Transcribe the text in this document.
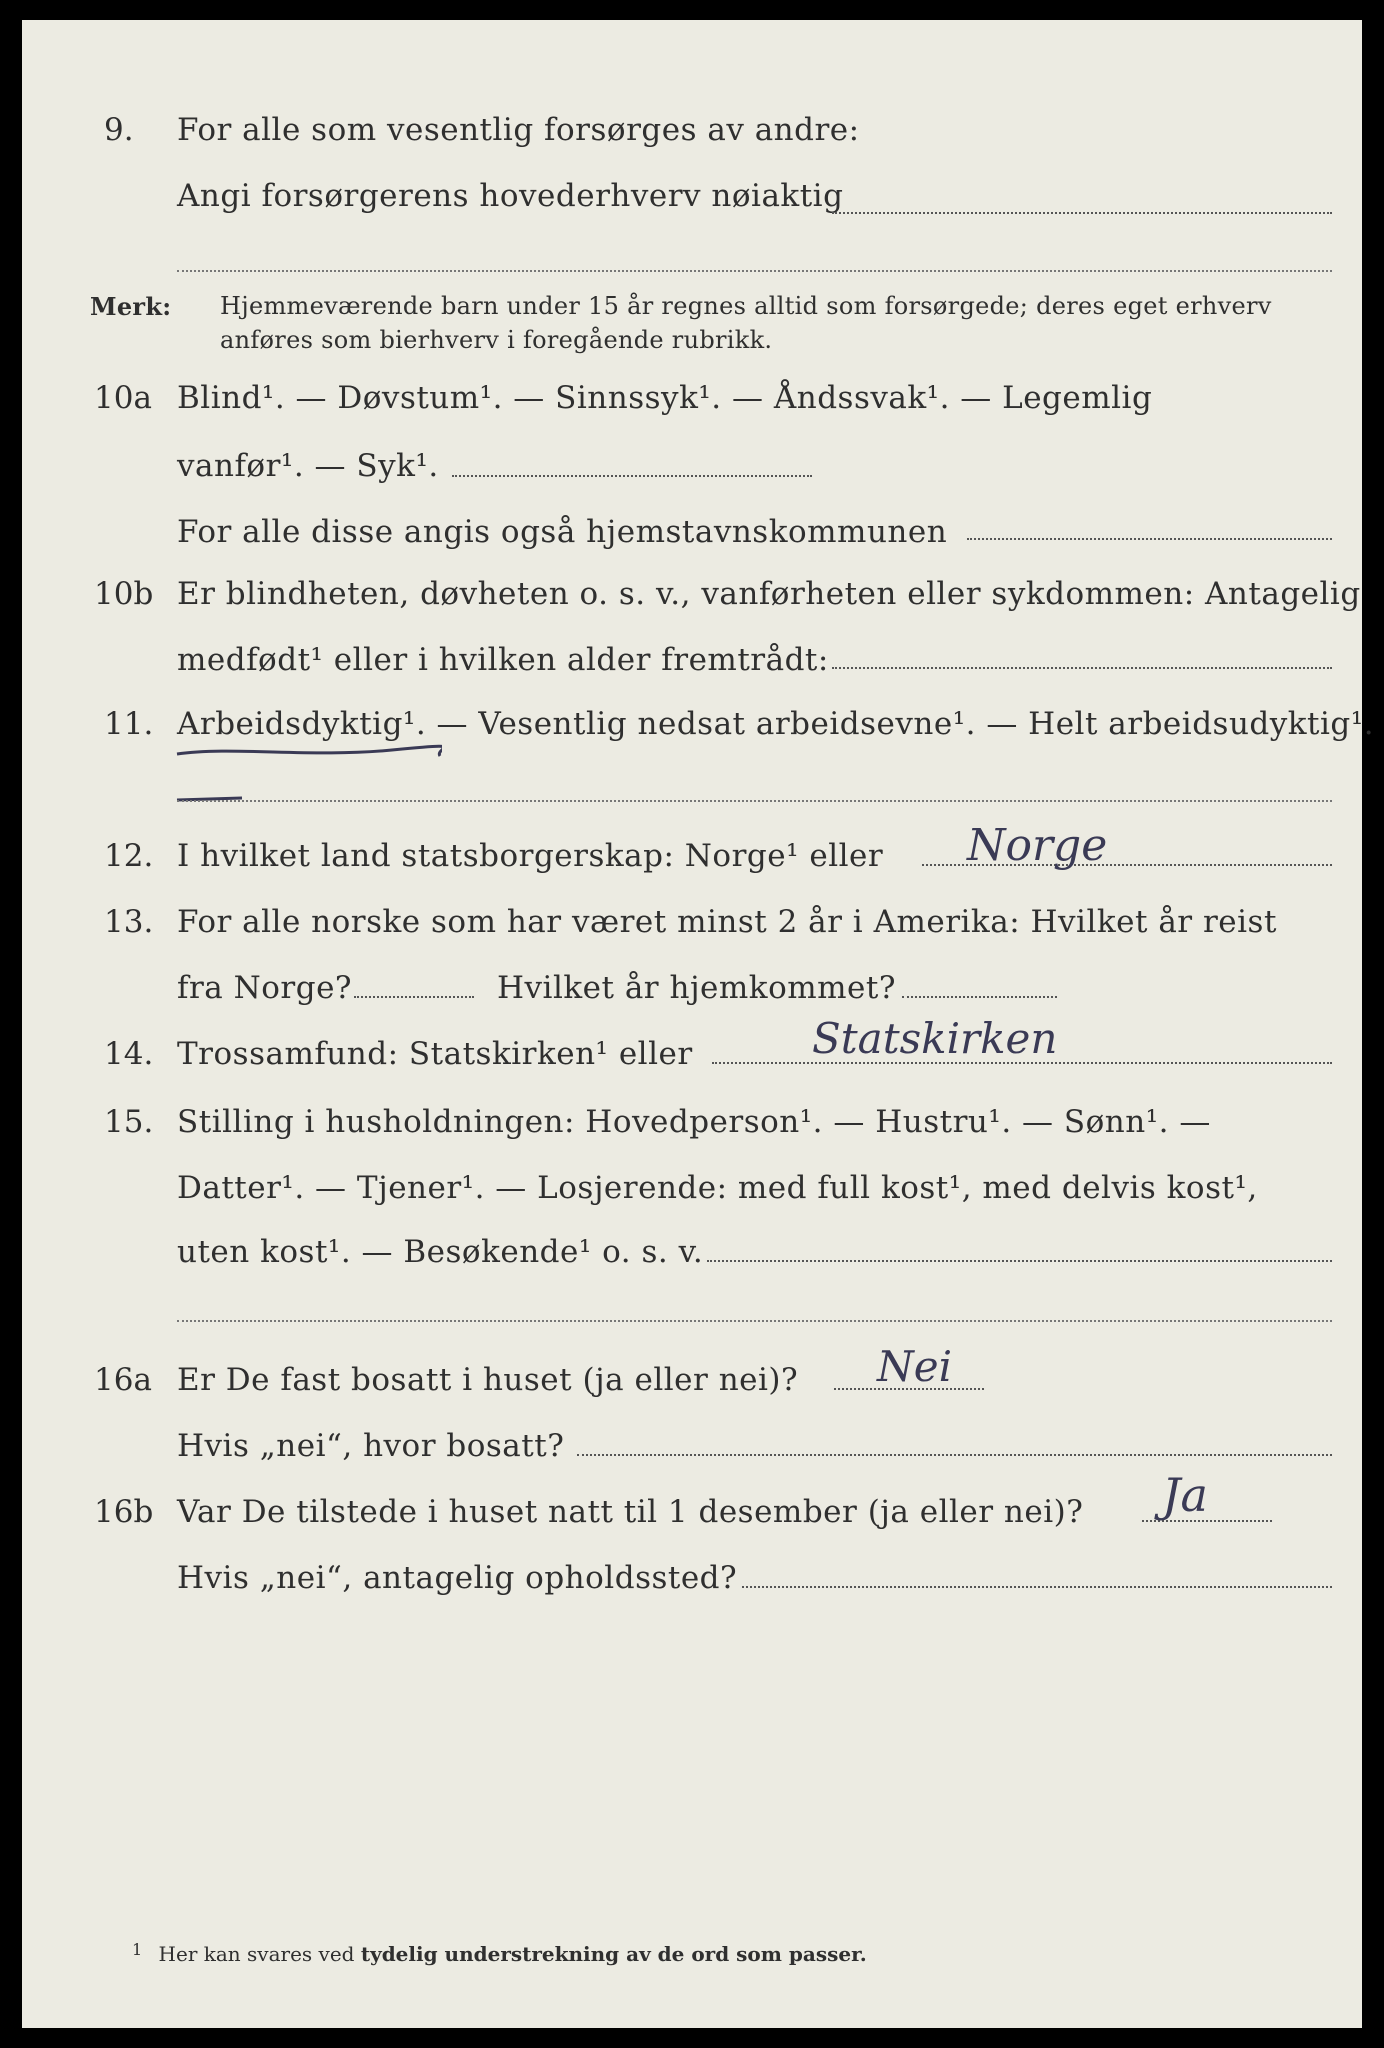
9. For alle som vesentlig forsørges av andre:
Angi forsørgerens hovederhverv nøiaktig
Merk: Hjemmeværende barn under 15 år regnes alltid som forsørgede; deres eget erhverv
anføres som bierhverv i foregående rubrikk.
10a Blind¹. — Døvstum¹. — Sinnssyk¹. — Åndssvak¹. — Legemlig
vanfør¹. — Syk¹.
For alle disse angis også hjemstavnskommunen
10b Er blindheten, døvheten o. s. v., vanførheten eller sykdommen: Antagelig
medfødt¹ eller i hvilken alder fremtrådt:
11. Arbeidsdyktig¹. — Vesentlig nedsat arbeidsevne¹. — Helt arbeidsudyktig¹.
12. I hvilket land statsborgerskap: Norge¹ eller Norge
13. For alle norske som har været minst 2 år i Amerika: Hvilket år reist
fra Norge?	Hvilket år hjemkommet?
14. Trossamfund: Statskirken¹ eller	Statskirken
15. Stilling i husholdningen: Hovedperson¹. — Hustru¹. — Sønn¹. —
Datter¹. — Tjener¹. — Losjerende: med full kost¹, med delvis kost¹,
uten kost¹. — Besøkende¹ o. s. v.
16a Er De fast bosatt i huset (ja eller nei)? Nei
Hvis „nei“, hvor bosatt?
16b Var De tilstede i huset natt til 1 desember (ja eller nei)? Ja
Hvis „nei“, antagelig opholdssted?
$^1$ Her kan svares ved tydelig understrekning av de ord som passer.
